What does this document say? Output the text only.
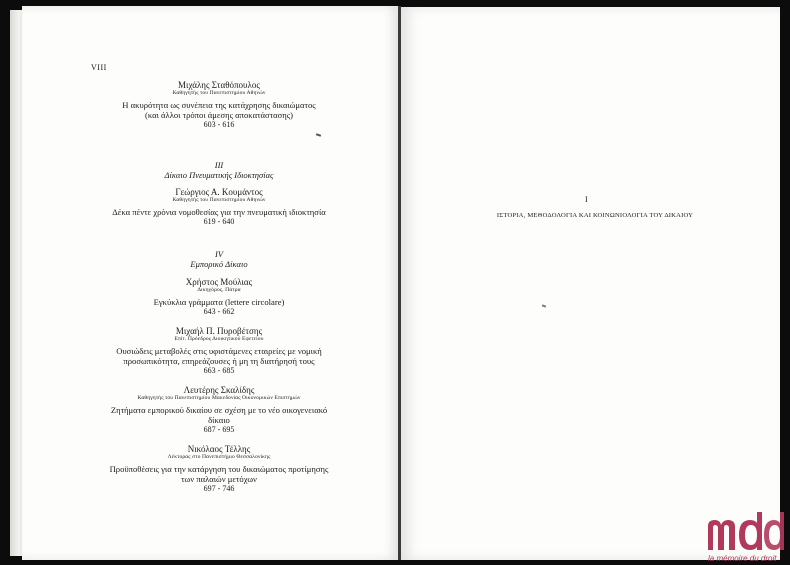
VIII
Μιχάλης Σταθόπουλος
Καθηγητής του Πανεπιστημίου Αθηνών
Η ακυρότητα ως συνέπεια της κατάχρησης δικαιώματος
(και άλλοι τρόποι άμεσης αποκατάστασης)
603 - 616
III
Δίκαιο Πνευματικής Ιδιοκτησίας
Γεώργιος Α. Κουμάντος
Καθηγητής του Πανεπιστημίου Αθηνών
Δέκα πέντε χρόνια νομοθεσίας για την πνευματική ιδιοκτησία
619 - 640
IV
Εμπορικό Δίκαιο
Χρήστος Μούλιας
Δικηγόρος, Πάτρα
Εγκύκλια γράμματα (lettere circolare)
643 - 662
Μιχαήλ Π. Πυροβέτσης
Επίτ. Πρόεδρος Διοικητικού Εφετείου
Ουσιώδεις μεταβολές στις υφιστάμενες εταιρείες με νομική
προσωπικότητα, επηρεάζουσες ή μη τη διατήρησή τους
663 - 685
Λευτέρης Σκαλίδης
Καθηγητής του Πανεπιστημίου Μακεδονίας Οικονομικών Επιστημών
Ζητήματα εμπορικού δικαίου σε σχέση με το νέο οικογενειακό
δίκαιο
687 - 695
Νικόλαος Τέλλης
Λέκτορας στο Πανεπιστήμιο Θεσσαλονίκης
Προϋποθέσεις για την κατάργηση του δικαιώματος προτίμησης
των παλαιών μετόχων
697 - 746
I
ΙΣΤΟΡΙΑ, ΜΕΘΟΔΟΛΟΓΙΑ ΚΑΙ ΚΟΙΝΩΝΙΟΛΟΓΙΑ ΤΟΥ ΔΙΚΑΙΟΥ
la mémoire du droit
